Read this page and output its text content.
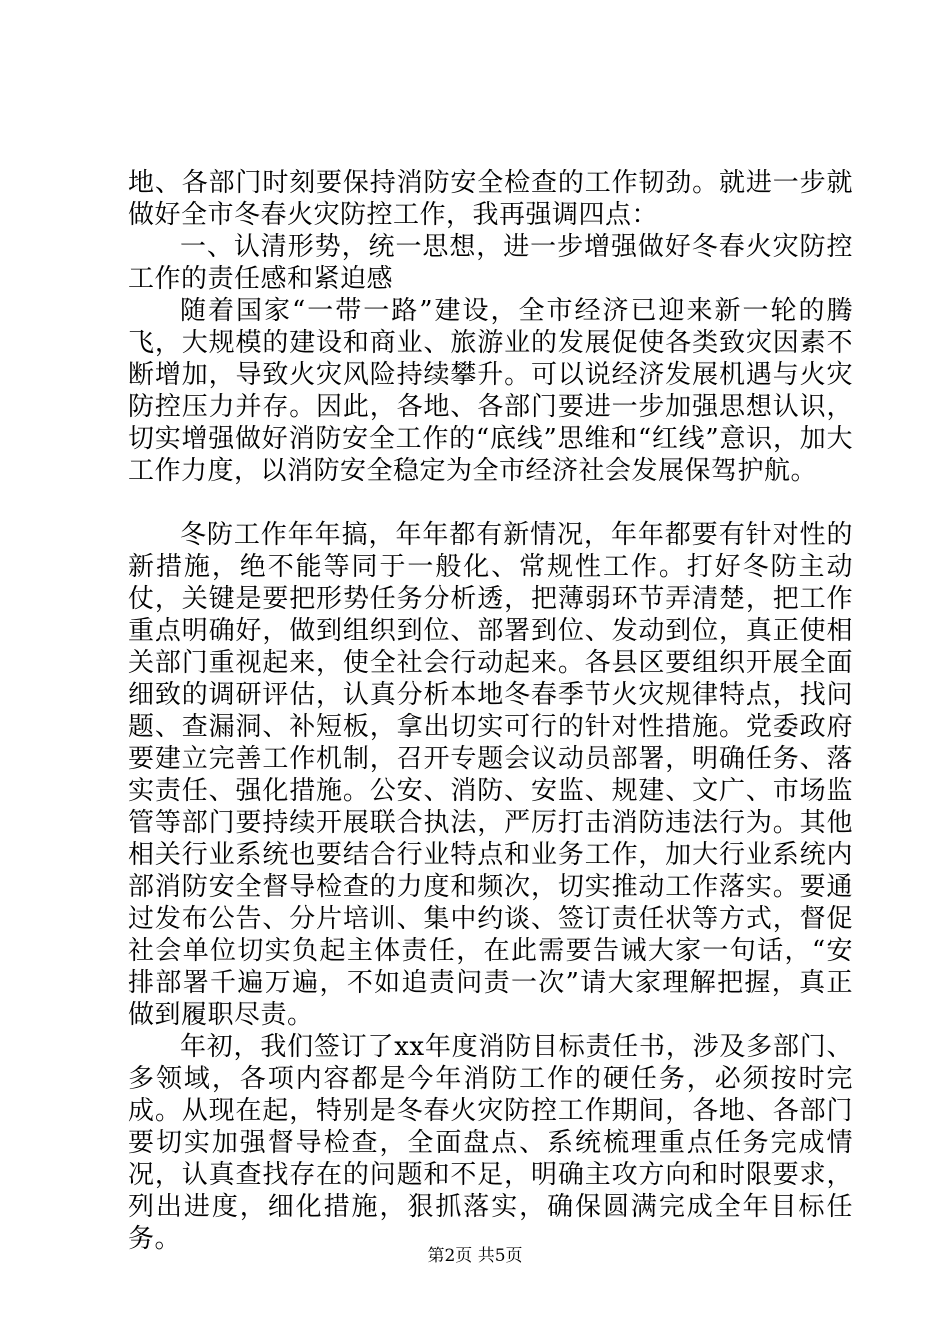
地、各部门时刻要保持消防安全检查的工作韧劲。就进一步就做好全市冬春火灾防控工作，我再强调四点：

一、认清形势，统一思想，进一步增强做好冬春火灾防控工作的责任感和紧迫感

随着国家“一带一路”建设，全市经济已迎来新一轮的腾飞，大规模的建设和商业、旅游业的发展促使各类致灾因素不断增加，导致火灾风险持续攀升。可以说经济发展机遇与火灾防控压力并存。因此，各地、各部门要进一步加强思想认识，切实增强做好消防安全工作的“底线”思维和“红线”意识，加大工作力度，以消防安全稳定为全市经济社会发展保驾护航。

冬防工作年年搞，年年都有新情况，年年都要有针对性的新措施，绝不能等同于一般化、常规性工作。打好冬防主动仗，关键是要把形势任务分析透，把薄弱环节弄清楚，把工作重点明确好，做到组织到位、部署到位、发动到位，真正使相关部门重视起来，使全社会行动起来。各县区要组织开展全面细致的调研评估，认真分析本地冬春季节火灾规律特点，找问题、查漏洞、补短板，拿出切实可行的针对性措施。党委政府要建立完善工作机制，召开专题会议动员部署，明确任务、落实责任、强化措施。公安、消防、安监、规建、文广、市场监管等部门要持续开展联合执法，严厉打击消防违法行为。其他相关行业系统也要结合行业特点和业务工作，加大行业系统内部消防安全督导检查的力度和频次，切实推动工作落实。要通过发布公告、分片培训、集中约谈、签订责任状等方式，督促社会单位切实负起主体责任，在此需要告诫大家一句话，“安排部署千遍万遍，不如追责问责一次”请大家理解把握，真正做到履职尽责。

年初，我们签订了xx年度消防目标责任书，涉及多部门、多领域，各项内容都是今年消防工作的硬任务，必须按时完成。从现在起，特别是冬春火灾防控工作期间，各地、各部门要切实加强督导检查，全面盘点、系统梳理重点任务完成情况，认真查找存在的问题和不足，明确主攻方向和时限要求，列出进度，细化措施，狠抓落实，确保圆满完成全年目标任务。

第2页 共5页
